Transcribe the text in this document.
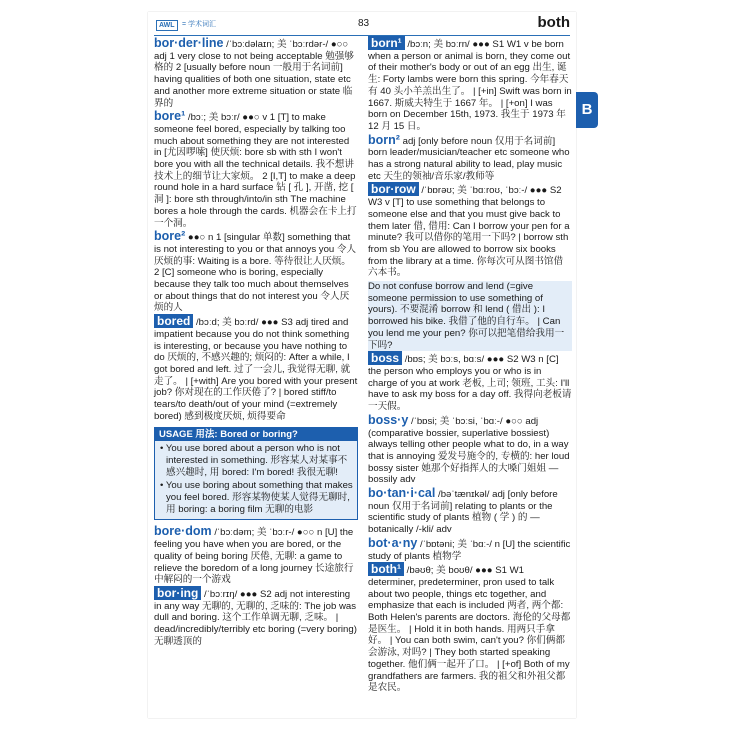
AWL	= 学术词汇	83	both
bor·der·line /ˈbɔːdəlaɪn; 美 ˈbɔːrdər-/ ●○○ adj 1 very close to not being acceptable 勉强够格的 2 [usually before noun 一般用于名词前] having qualities of both one situation, state etc and another more extreme situation or state 临界的
bore¹ /bɔː; 美 bɔːr/ ●●○ v 1 [T] to make someone feel bored, especially by talking too much about something they are not interested in [尤因啰嗦] 使厌烦: bore sb with sth I won't bore you with all the technical details. 我不想讲技术上的细节让大家烦。 2 [I,T] to make a deep round hole in a hard surface 钻 [ 孔 ], 开凿, 挖 [ 洞 ]: bore sth through/into/in sth The machine bores a hole through the cards. 机器会在卡上打一个洞。
bore² ●●○ n 1 [singular 单数] something that is not interesting to you or that annoys you 令人厌烦的事: Waiting is a bore. 等待很让人厌烦。 2 [C] someone who is boring, especially because they talk too much about themselves or about things that do not interest you 令人厌烦的人
bored /bɔːd; 美 bɔːrd/ ●●● S3 adj tired and impatient because you do not think something is interesting, or because you have nothing to do 厌烦的, 不感兴趣的; 烦闷的: After a while, I got bored and left. 过了一会儿, 我觉得无聊, 就走了。 | [+with] Are you bored with your present job? 你对现在的工作厌倦了? | bored stiff/to tears/to death/out of your mind (=extremely bored) 感到极度厌烦, 烦得要命
USAGE 用法: Bored or boring?
• You use bored about a person who is not interested in something. 形容某人对某事不感兴趣时, 用 bored: I'm bored! 我很无聊!
• You use boring about something that makes you feel bored. 形容某物使某人觉得无聊时, 用 boring: a boring film 无聊的电影
bore·dom /ˈbɔːdəm; 美 ˈbɔːr-/ ●○○ n [U] the feeling you have when you are bored, or the quality of being boring 厌倦, 无聊: a game to relieve the boredom of a long journey 长途旅行中解闷的一个游戏
bor·ing /ˈbɔːrɪŋ/ ●●● S2 adj not interesting in any way 无聊的, 无聊的, 乏味的: The job was dull and boring. 这个工作单调无聊, 乏味。 | dead/incredibly/terribly etc boring (=very boring) 无聊透顶的
born¹ /bɔːn; 美 bɔːrn/ ●●● S1 W1 v be born when a person or animal is born, they come out of their mother's body or out of an egg 出生, 诞生: Forty lambs were born this spring. 今年春天有 40 头小羊羔出生了。 | [+in] Swift was born in 1667. 斯威夫特生于 1667 年。 | [+on] I was born on December 15th, 1973. 我生于 1973 年 12 月 15 日。
born² adj [only before noun 仅用于名词前] born leader/musician/teacher etc someone who has a strong natural ability to lead, play music etc 天生的领袖/音乐家/教师等
bor·row /ˈbɒrəʊ; 美 ˈbɑːroʊ, ˈbɔː-/ ●●● S2 W3 v [T] to use something that belongs to someone else and that you must give back to them later 借, 借用: Can I borrow your pen for a minute? 我可以借你的笔用一下吗? | borrow sth from sb You are allowed to borrow six books from the library at a time. 你每次可从图书馆借六本书。
Do not confuse borrow and lend (=give someone permission to use something of yours). 不要混淆 borrow 和 lend ( 借出 ): I borrowed his bike. 我借了他的自行车。 | Can you lend me your pen? 你可以把笔借给我用一下吗?
boss /bɒs; 美 bɔːs, bɑːs/ ●●● S2 W3 n [C] the person who employs you or who is in charge of you at work 老板, 上司; 领班, 工头: I'll have to ask my boss for a day off. 我得向老板请一天假。
boss·y /ˈbɒsi; 美 ˈbɔːsi, ˈbɑː-/ ●○○ adj (comparative bossier, superlative bossiest) always telling other people what to do, in a way that is annoying 爱发号施令的, 专横的: her loud bossy sister 她那个好指挥人的大嗓门姐姐 —bossily adv
bo·tan·i·cal /bəˈtænɪkəl/ adj [only before noun 仅用于名词前] relating to plants or the scientific study of plants 植物 ( 学 ) 的 —botanically /-kli/ adv
bot·a·ny /ˈbɒtəni; 美 ˈbɑː-/ n [U] the scientific study of plants 植物学
both¹ /bəʊθ; 美 boʊθ/ ●●● S1 W1 determiner, predeterminer, pron used to talk about two people, things etc together, and emphasize that each is included 两者, 两个都: Both Helen's parents are doctors. 海伦的父母都是医生。 | Hold it in both hands. 用两只手拿好。 | You can both swim, can't you? 你们俩都会游泳, 对吗? | They both started speaking together. 他们俩一起开了口。 | [+of] Both of my grandfathers are farmers. 我的祖父和外祖父都是农民。
B
